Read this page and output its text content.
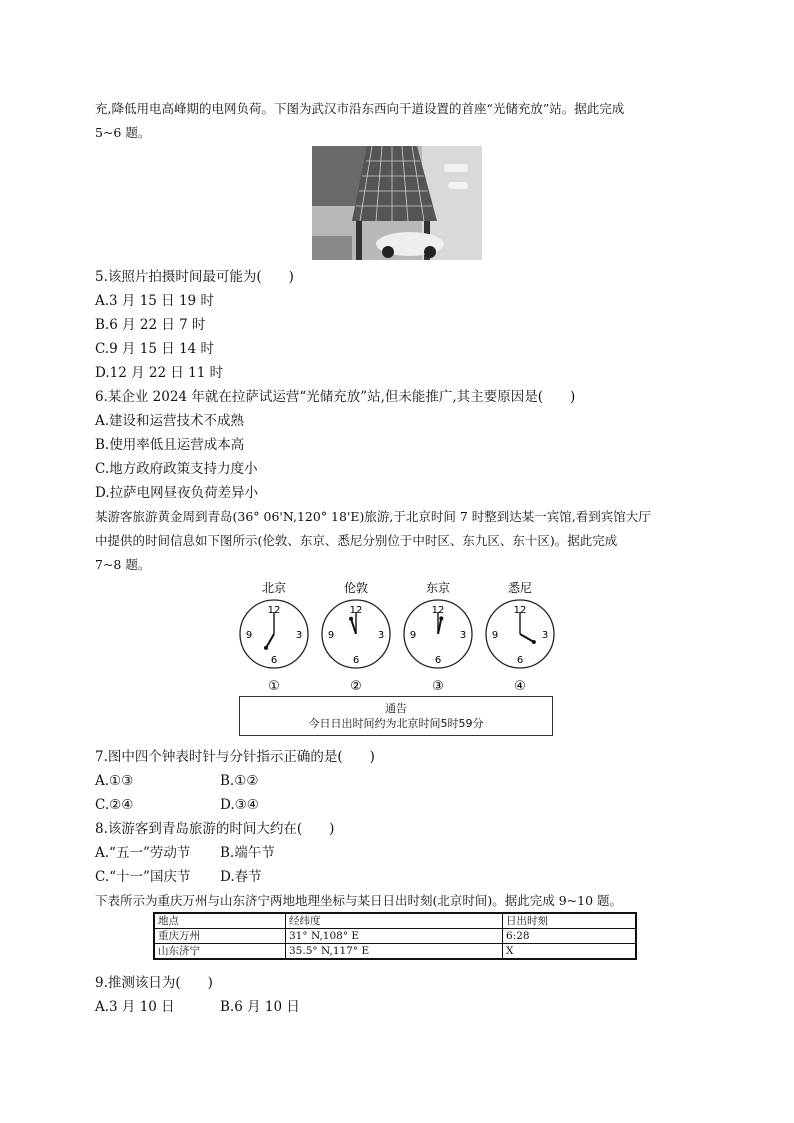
充,降低用电高峰期的电网负荷。下图为武汉市沿东西向干道设置的首座“光储充放”站。据此完成
5~6 题。
5.该照片拍摄时间最可能为(　　)
A.3 月 15 日 19 时
B.6 月 22 日 7 时
C.9 月 15 日 14 时
D.12 月 22 日 11 时
6.某企业 2024 年就在拉萨试运营“光储充放”站,但未能推广,其主要原因是(　　)
A.建设和运营技术不成熟
B.使用率低且运营成本高
C.地方政府政策支持力度小
D.拉萨电网昼夜负荷差异小
某游客旅游黄金周到青岛(36° 06'N,120° 18'E)旅游,于北京时间 7 时整到达某一宾馆,看到宾馆大厅
中提供的时间信息如下图所示(伦敦、东京、悉尼分别位于中时区、东九区、东十区)。据此完成
7~8 题。
北京
12
3
6
9
①
伦敦
12
3
6
9
②
东京
12
3
6
9
③
悉尼
12
3
6
9
④
通告
今日日出时间约为北京时间5时59分
7.图中四个钟表时针与分针指示正确的是(　　)
A.①③	B.①②
C.②④	D.③④
8.该游客到青岛旅游的时间大约在(　　)
A.“五一”劳动节 B.端午节
C.“十一”国庆节 D.春节
下表所示为重庆万州与山东济宁两地地理坐标与某日日出时刻(北京时间)。据此完成 9~10 题。
地点	经纬度	日出时刻
重庆万州	31° N,108° E	6:28
山东济宁	35.5° N,117° E	X
9.推测该日为(　　)
A.3 月 10 日	B.6 月 10 日
